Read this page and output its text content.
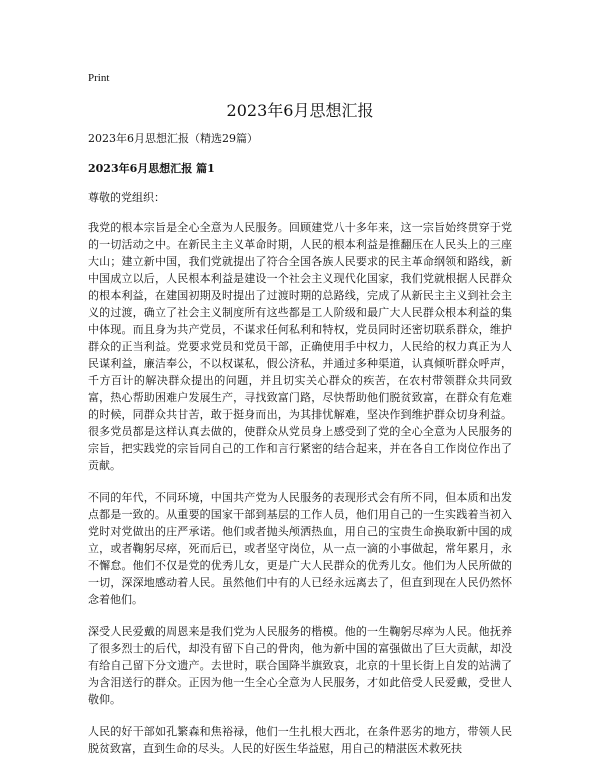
Print
2023年6月思想汇报
2023年6月思想汇报（精选29篇）
2023年6月思想汇报 篇1
尊敬的党组织：

我党的根本宗旨是全心全意为人民服务。回顾建党八十多年来，这一宗旨始终贯穿于党的一切活动之中。在新民主主义革命时期，人民的根本利益是推翻压在人民头上的三座大山；建立新中国，我们党就提出了符合全国各族人民要求的民主革命纲领和路线，新中国成立以后，人民根本利益是建设一个社会主义现代化国家，我们党就根据人民群众的根本利益，在建国初期及时提出了过渡时期的总路线，完成了从新民主主义到社会主义的过渡，确立了社会主义制度所有这些都是工人阶级和最广大人民群众根本利益的集中体现。而且身为共产党员，不谋求任何私利和特权，党员同时还密切联系群众，维护群众的正当利益。党要求党员和党员干部，正确使用手中权力，人民给的权力真正为人民谋利益，廉洁奉公，不以权谋私，假公济私，并通过多种渠道，认真倾听群众呼声，千方百计的解决群众提出的问题，并且切实关心群众的疾苦，在农村带领群众共同致富，热心帮助困难户发展生产，寻找致富门路，尽快帮助他们脱贫致富，在群众有危难的时候，同群众共甘苦，敢于挺身而出，为其排忧解难，坚决作到维护群众切身利益。很多党员都是这样认真去做的，使群众从党员身上感受到了党的全心全意为人民服务的宗旨，把实践党的宗旨同自己的工作和言行紧密的结合起来，并在各自工作岗位作出了贡献。

不同的年代，不同环境，中国共产党为人民服务的表现形式会有所不同，但本质和出发点都是一致的。从重要的国家干部到基层的工作人员，他们用自己的一生实践着当初入党时对党做出的庄严承诺。他们或者抛头颅洒热血，用自己的宝贵生命换取新中国的成立，或者鞠躬尽瘁，死而后已，或者坚守岗位，从一点一滴的小事做起，常年累月，永不懈怠。他们不仅是党的优秀儿女，更是广大人民群众的优秀儿女。他们为人民所做的一切，深深地感动着人民。虽然他们中有的人已经永远离去了，但直到现在人民仍然怀念着他们。

深受人民爱戴的周恩来是我们党为人民服务的楷模。他的一生鞠躬尽瘁为人民。他抚养了很多烈士的后代，却没有留下自己的骨肉，他为新中国的富强做出了巨大贡献，却没有给自己留下分文遗产。去世时，联合国降半旗致哀，北京的十里长街上自发的站满了为含泪送行的群众。正因为他一生全心全意为人民服务，才如此倍受人民爱戴，受世人敬仰。

人民的好干部如孔繁森和焦裕禄，他们一生扎根大西北，在条件恶劣的地方，带领人民脱贫致富，直到生命的尽头。人民的好医生华益慰，用自己的精湛医术救死扶
